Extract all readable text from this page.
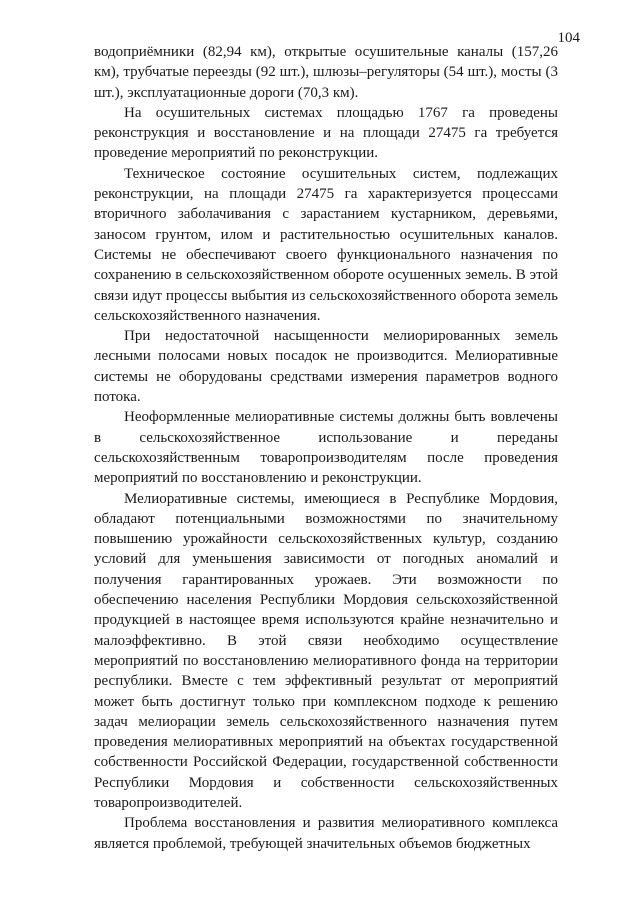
104

водоприёмники (82,94 км), открытые осушительные каналы (157,26 км), трубчатые переезды (92 шт.), шлюзы–регуляторы (54 шт.), мосты (3 шт.), эксплуатационные дороги (70,3 км).

На осушительных системах площадью 1767 га проведены реконструкция и восстановление и на площади 27475 га требуется проведение мероприятий по реконструкции.

Техническое состояние осушительных систем, подлежащих реконструкции, на площади 27475 га характеризуется процессами вторичного заболачивания с зарастанием кустарником, деревьями, заносом грунтом, илом и растительностью осушительных каналов. Системы не обеспечивают своего функционального назначения по сохранению в сельскохозяйственном обороте осушенных земель. В этой связи идут процессы выбытия из сельскохозяйственного оборота земель сельскохозяйственного назначения.

При недостаточной насыщенности мелиорированных земель лесными полосами новых посадок не производится. Мелиоративные системы не оборудованы средствами измерения параметров водного потока.

Неоформленные мелиоративные системы должны быть вовлечены в сельскохозяйственное использование и переданы сельскохозяйственным товаропроизводителям после проведения мероприятий по восстановлению и реконструкции.

Мелиоративные системы, имеющиеся в Республике Мордовия, обладают потенциальными возможностями по значительному повышению урожайности сельскохозяйственных культур, созданию условий для уменьшения зависимости от погодных аномалий и получения гарантированных урожаев. Эти возможности по обеспечению населения Республики Мордовия сельскохозяйственной продукцией в настоящее время используются крайне незначительно и малоэффективно. В этой связи необходимо осуществление мероприятий по восстановлению мелиоративного фонда на территории республики. Вместе с тем эффективный результат от мероприятий может быть достигнут только при комплексном подходе к решению задач мелиорации земель сельскохозяйственного назначения путем проведения мелиоративных мероприятий на объектах государственной собственности Российской Федерации, государственной собственности Республики Мордовия и собственности сельскохозяйственных товаропроизводителей.

Проблема восстановления и развития мелиоративного комплекса является проблемой, требующей значительных объемов бюджетных
